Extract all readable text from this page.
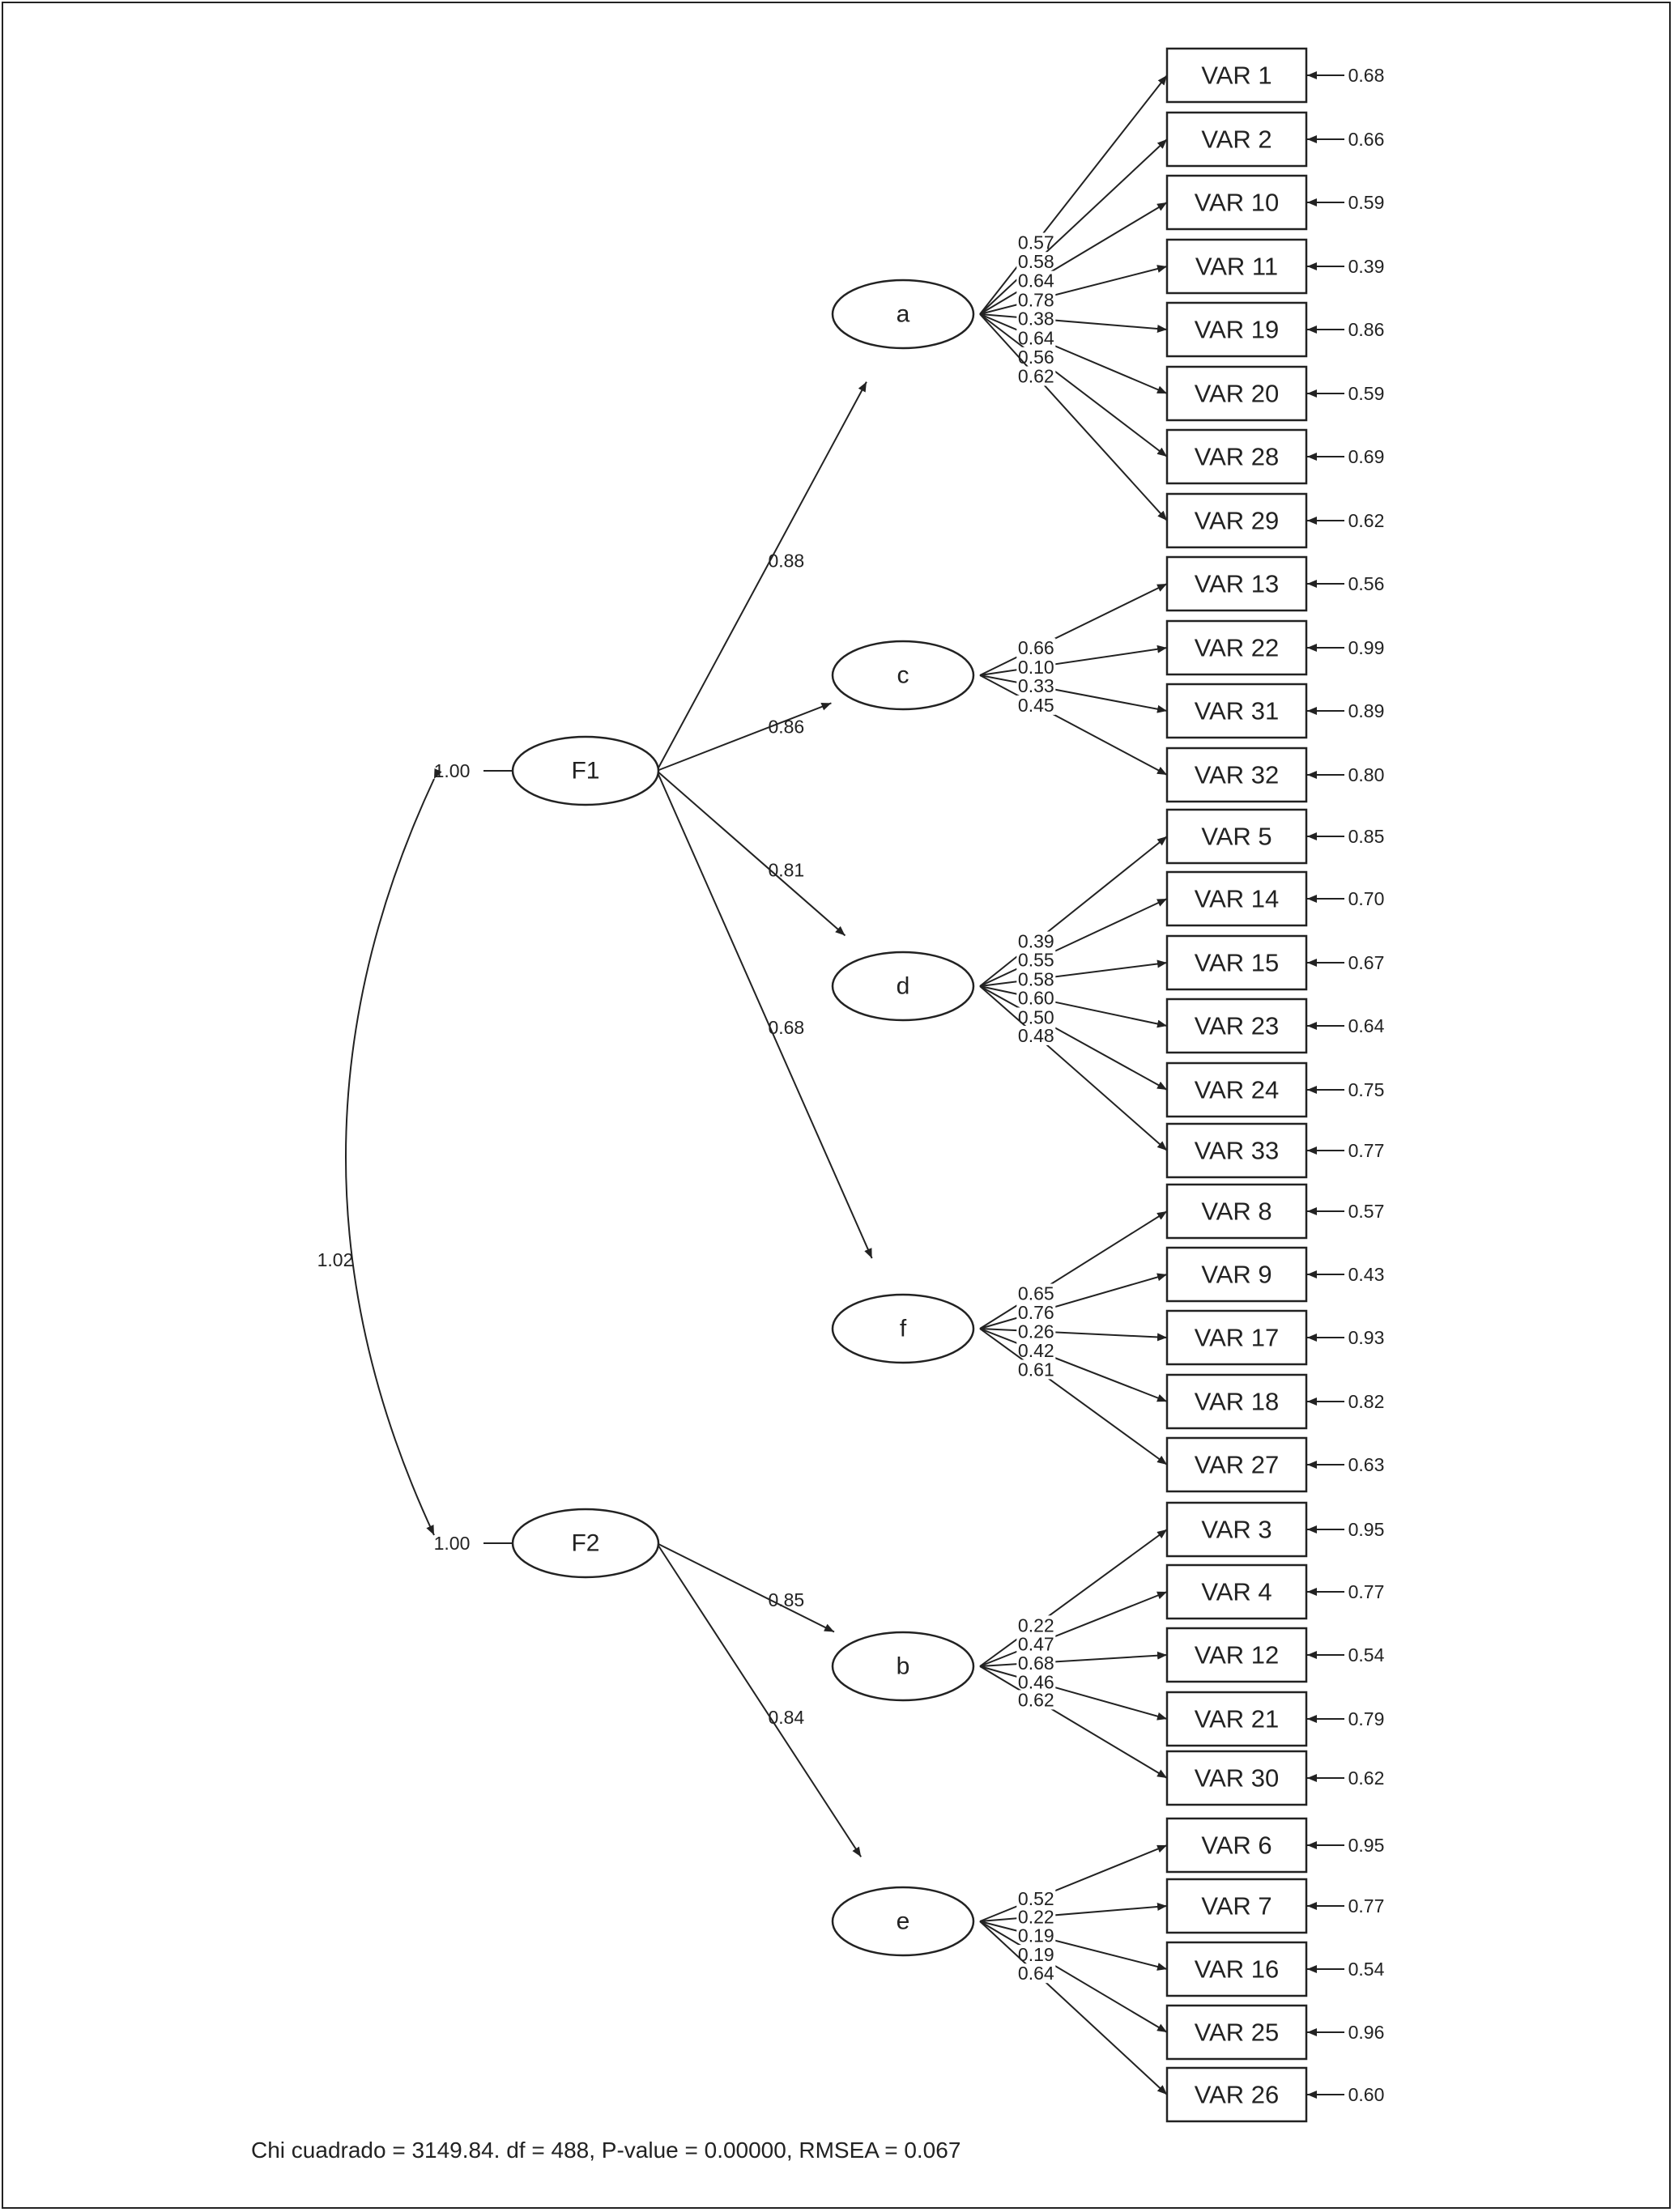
F1
1.00
F2
1.00
1.02
0.88
a
0.57
VAR 1	0.68
0.58
VAR 2	0.66
0.64
VAR 10	0.59
0.78
VAR 11	0.39
0.38	VAR 19	0.86
0.64
VAR 20	0.59
0.56
VAR 28	0.69
0.62
VAR 29	0.62
0.86
c
0.66
VAR 13	0.56
0.10
VAR 22	0.99
0.33
VAR 31	0.89
0.45
VAR 32	0.80
0.81
d
0.39
VAR 5	0.85
0.55
VAR 14	0.70
0.58
VAR 15	0.67
0.60
VAR 23	0.64
0.50
VAR 24	0.75
0.48
VAR 33	0.77
0.68
f
0.65
VAR 8	0.57
0.76
VAR 9	0.43
0.26	VAR 17	0.93
0.42
VAR 18	0.82
0.61
VAR 27	0.63
0.85
b
0.22
VAR 3	0.95
0.47
VAR 4	0.77
0.68	VAR 12	0.54
0.46
VAR 21	0.79
0.62
VAR 30	0.62
0.84
e
0.52
VAR 6	0.95
0.22	VAR 7	0.77
0.19
VAR 16	0.54
0.19
VAR 25	0.96
0.64
VAR 26	0.60
Chi cuadrado = 3149.84. df = 488, P-value = 0.00000, RMSEA = 0.067
